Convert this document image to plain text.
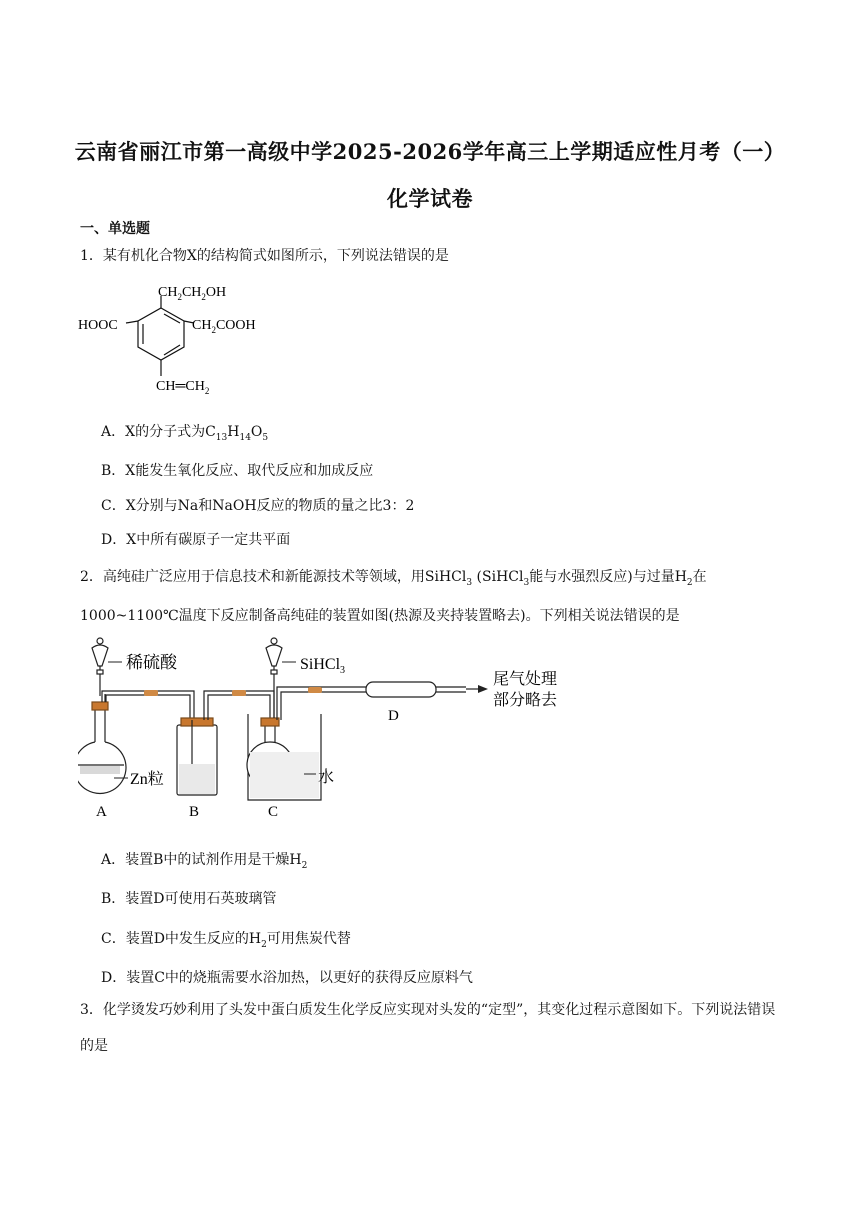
云南省丽江市第一高级中学2025-2026学年高三上学期适应性月考（一）
化学试卷
一、单选题
1．某有机化合物X的结构简式如图所示，下列说法错误的是
$CH_2CH_2OH$
HOOC	$CH_2COOH$
$CH═CH_2$
A．X的分子式为$C_{13}H_{14}O_5$
B．X能发生氧化反应、取代反应和加成反应
C．X分别与Na和NaOH反应的物质的量之比3：2
D．X中所有碳原子一定共平面
2．高纯硅广泛应用于信息技术和新能源技术等领域，用SiHCl$_3$ (SiHCl$_3$能与水强烈反应)与过量$H_2$在
1000~1100℃温度下反应制备高纯硅的装置如图(热源及夹持装置略去)。下列相关说法错误的是
稀硫酸	SiHCl$_3$
Zn粒	水
尾气处理
部分略去
A	B	C
D
A．装置B中的试剂作用是干燥$H_2$
B．装置D可使用石英玻璃管
C．装置D中发生反应的$H_2$可用焦炭代替
D．装置C中的烧瓶需要水浴加热，以更好的获得反应原料气
3．化学烫发巧妙利用了头发中蛋白质发生化学反应实现对头发的“定型”，其变化过程示意图如下。下列说法错误的是
